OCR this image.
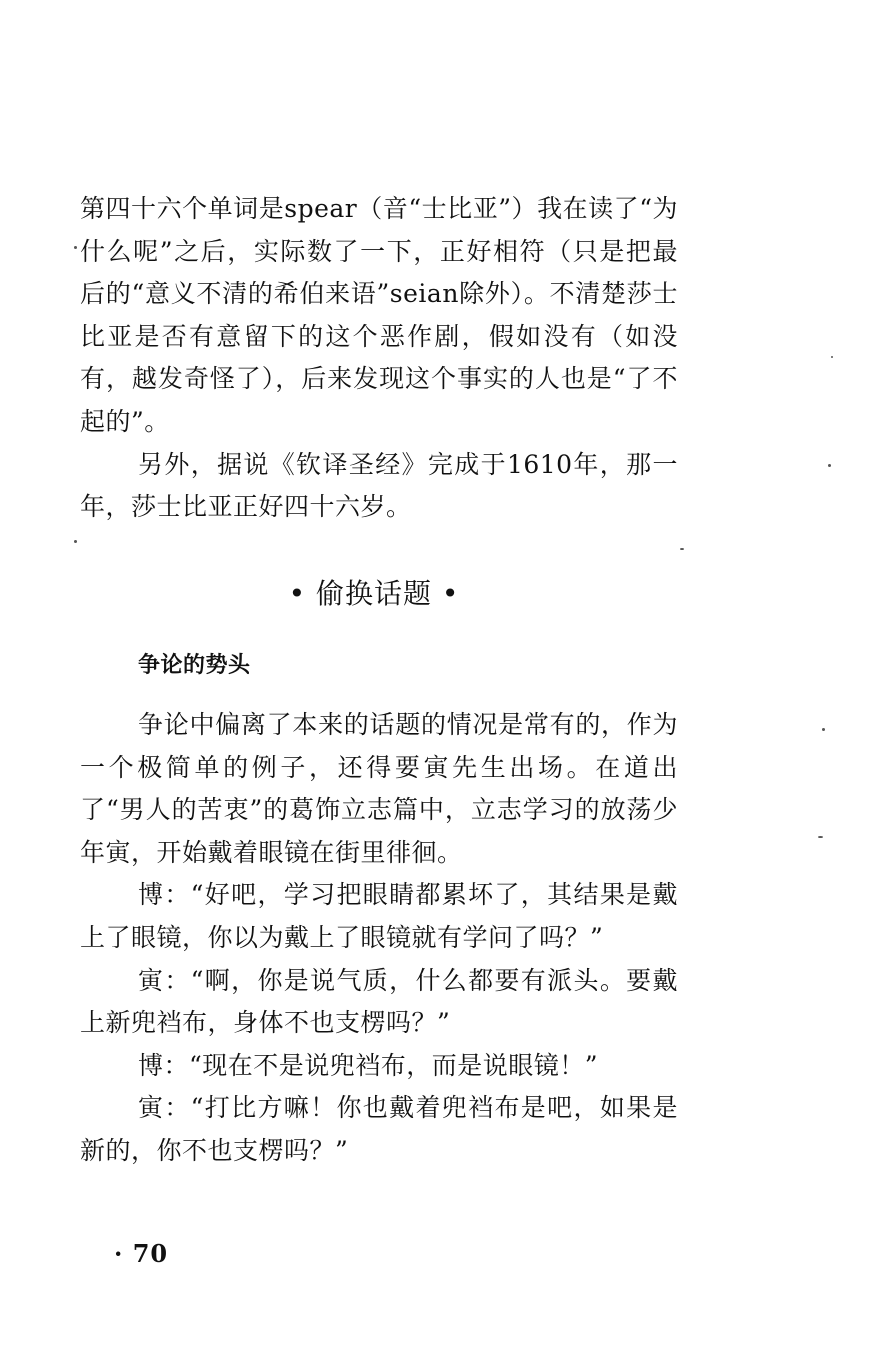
第四十六个单词是spear（音“士比亚”）我在读了“为什么呢”之后，实际数了一下，正好相符（只是把最后的“意义不清的希伯来语”seian除外）。不清楚莎士比亚是否有意留下的这个恶作剧，假如没有（如没有，越发奇怪了），后来发现这个事实的人也是“了不起的”。

另外，据说《钦译圣经》完成于1610年，那一年，莎士比亚正好四十六岁。

• 偷换话题 •
争论的势头

争论中偏离了本来的话题的情况是常有的，作为一个极简单的例子，还得要寅先生出场。在道出了“男人的苦衷”的葛饰立志篇中，立志学习的放荡少年寅，开始戴着眼镜在街里徘徊。

博：“好吧，学习把眼睛都累坏了，其结果是戴上了眼镜，你以为戴上了眼镜就有学问了吗？”

寅：“啊，你是说气质，什么都要有派头。要戴上新兜裆布，身体不也支楞吗？”

博：“现在不是说兜裆布，而是说眼镜！”

寅：“打比方嘛！你也戴着兜裆布是吧，如果是新的，你不也支楞吗？”

· 70
